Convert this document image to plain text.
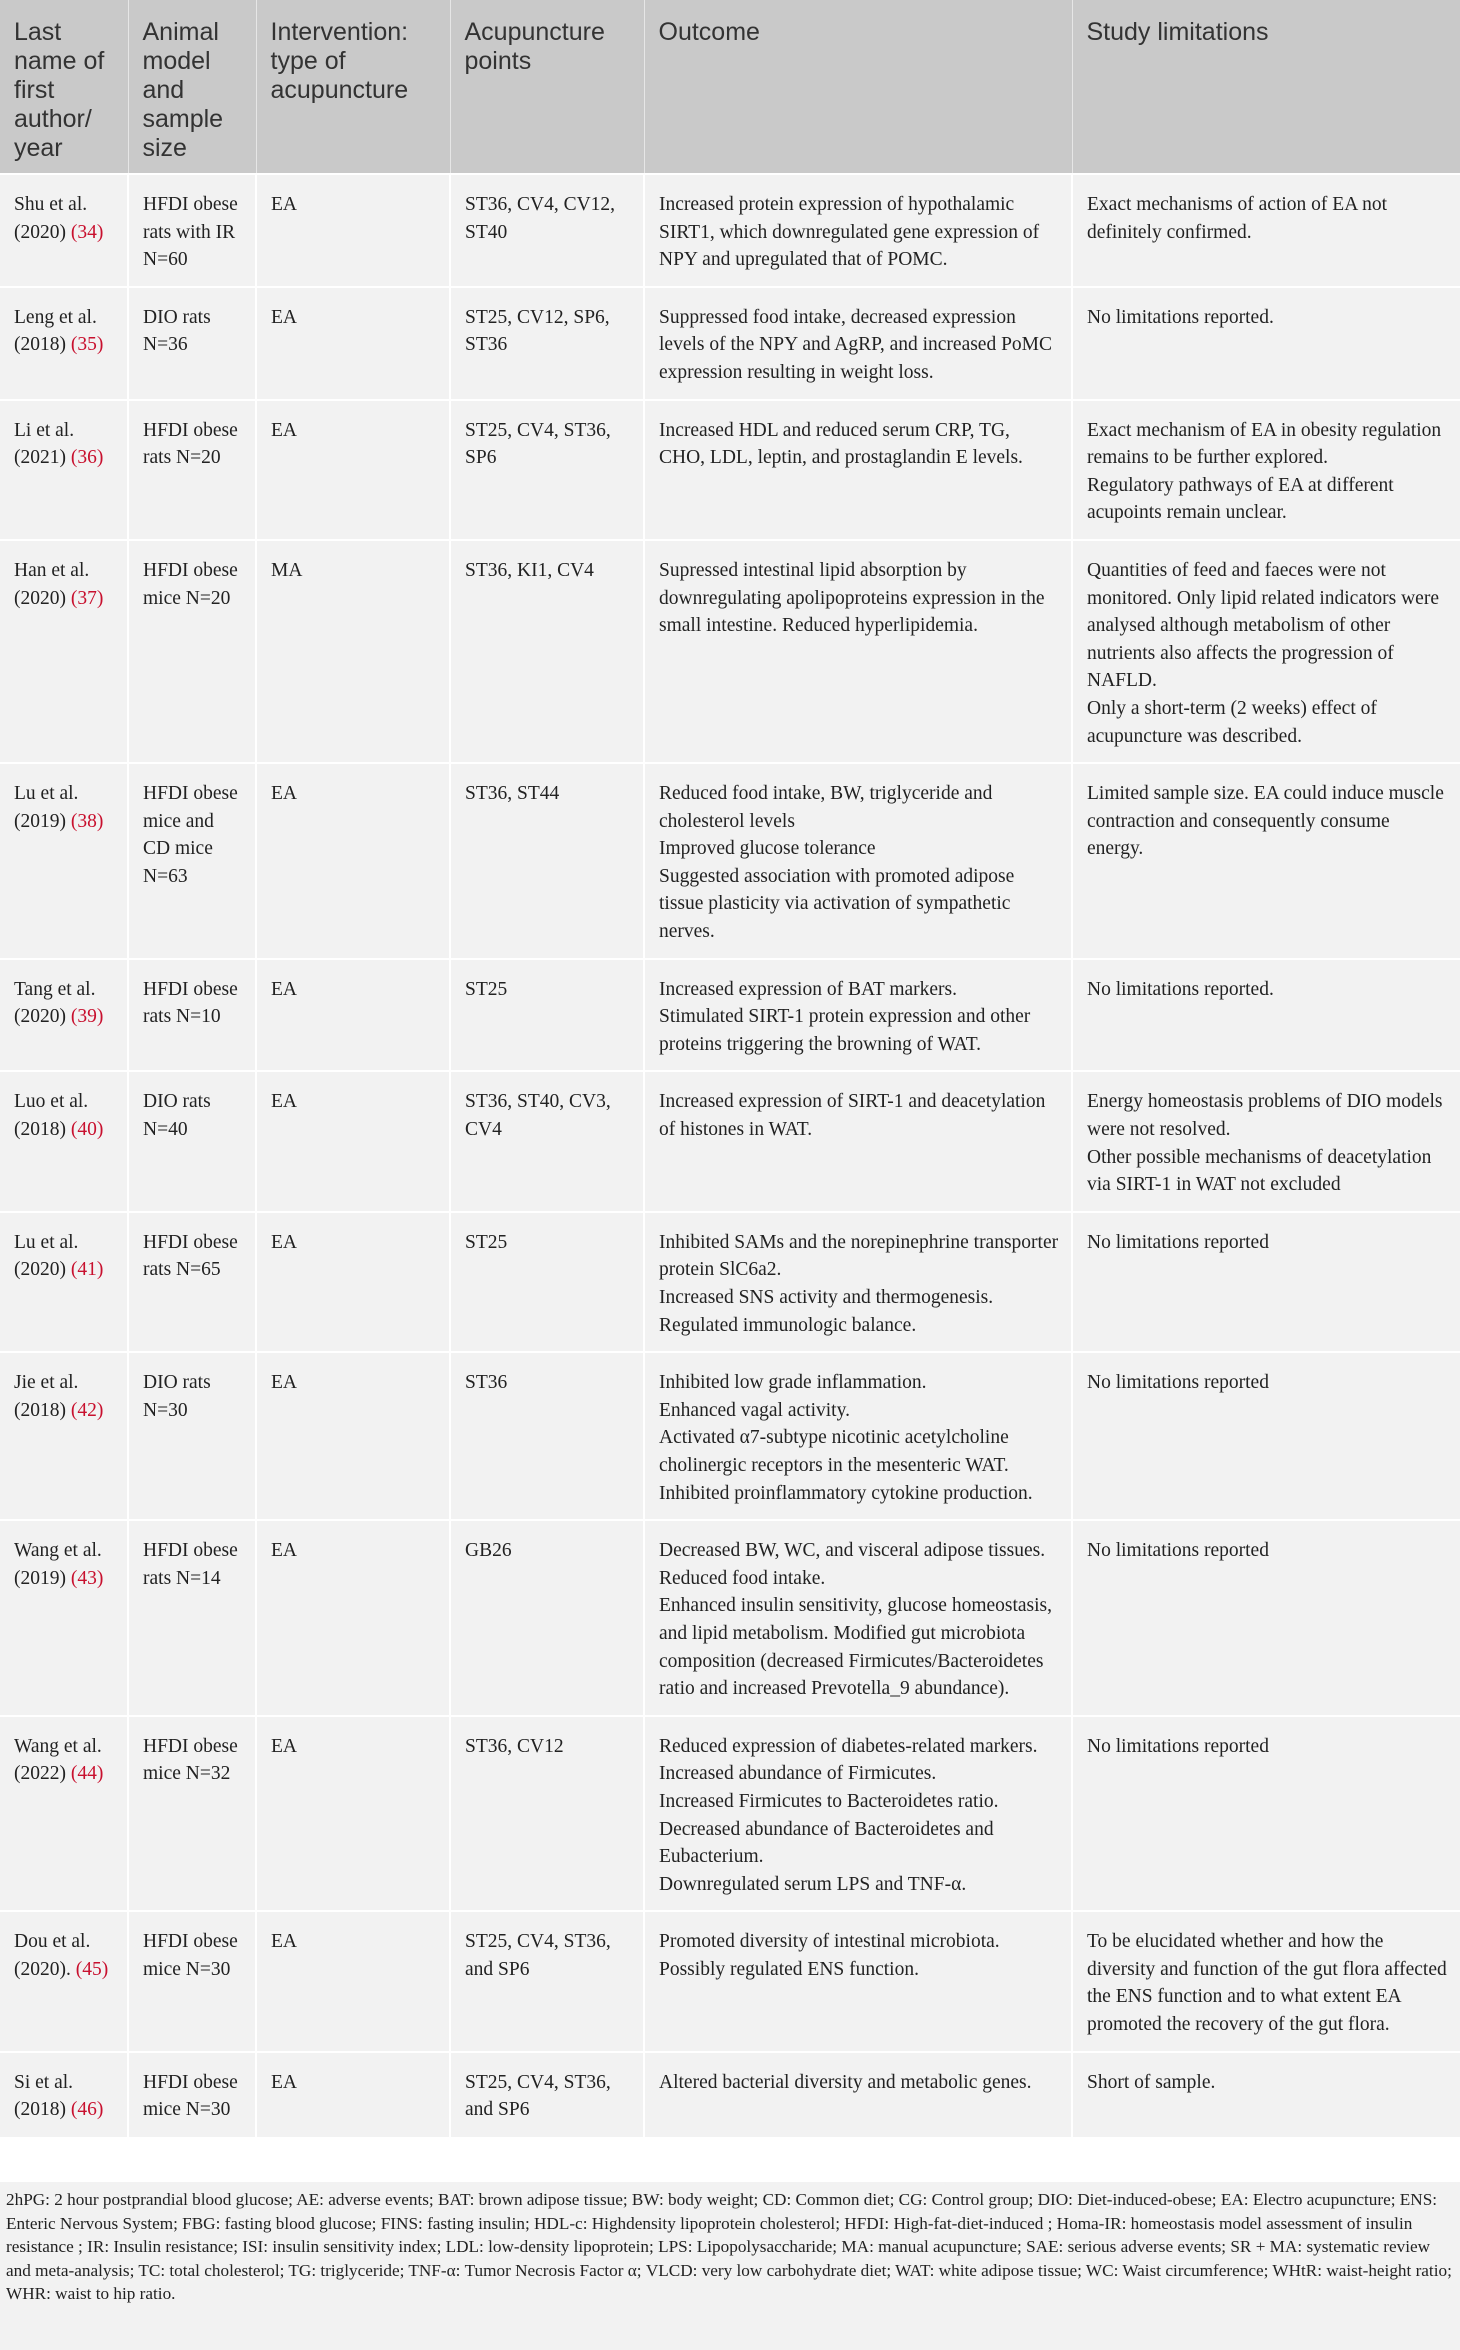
Last name of first author/ year	Animal model and sample size	Intervention: type of acupuncture	Acupuncture points	Outcome	Study limitations
Shu et al. (2020) (34)	HFDI obese rats with IR N=60	EA	ST36, CV4, CV12, ST40	Increased protein expression of hypothalamic SIRT1, which downregulated gene expression of NPY and upregulated that of POMC.	Exact mechanisms of action of EA not definitely confirmed.

Leng et al. (2018) (35)	DIO rats N=36	EA	ST25, CV12, SP6, ST36	Suppressed food intake, decreased expression levels of the NPY and AgRP, and increased PoMC expression resulting in weight loss.	No limitations reported.

Li et al. (2021) (36)	HFDI obese rats N=20	EA	ST25, CV4, ST36, SP6	Increased HDL and reduced serum CRP, TG, CHO, LDL, leptin, and prostaglandin E levels.	Exact mechanism of EA in obesity regulation remains to be further explored.
Regulatory pathways of EA at different acupoints remain unclear.

Han et al. (2020) (37)	HFDI obese mice N=20	MA	ST36, KI1, CV4	Supressed intestinal lipid absorption by downregulating apolipoproteins expression in the small intestine. Reduced hyperlipidemia.	Quantities of feed and faeces were not monitored. Only lipid related indicators were analysed although metabolism of other nutrients also affects the progression of NAFLD.
Only a short-term (2 weeks) effect of acupuncture was described.

Lu et al. (2019) (38)	HFDI obese mice and CD mice N=63	EA	ST36, ST44	Reduced food intake, BW, triglyceride and cholesterol levels
Improved glucose tolerance
Suggested association with promoted adipose tissue plasticity via activation of sympathetic nerves.	Limited sample size. EA could induce muscle contraction and consequently consume energy.

Tang et al. (2020) (39)	HFDI obese rats N=10	EA	ST25	Increased expression of BAT markers.
Stimulated SIRT-1 protein expression and other proteins triggering the browning of WAT.	No limitations reported.

Luo et al. (2018) (40)	DIO rats N=40	EA	ST36, ST40, CV3, CV4	Increased expression of SIRT-1 and deacetylation of histones in WAT.	Energy homeostasis problems of DIO models were not resolved.
Other possible mechanisms of deacetylation via SIRT-1 in WAT not excluded

Lu et al. (2020) (41)	HFDI obese rats N=65	EA	ST25	Inhibited SAMs and the norepinephrine transporter protein SlC6a2.
Increased SNS activity and thermogenesis.
Regulated immunologic balance.	No limitations reported

Jie et al. (2018) (42)	DIO rats N=30	EA	ST36	Inhibited low grade inflammation.
Enhanced vagal activity.
Activated α7-subtype nicotinic acetylcholine cholinergic receptors in the mesenteric WAT.
Inhibited proinflammatory cytokine production.	No limitations reported

Wang et al. (2019) (43)	HFDI obese rats N=14	EA	GB26	Decreased BW, WC, and visceral adipose tissues.
Reduced food intake.
Enhanced insulin sensitivity, glucose homeostasis, and lipid metabolism. Modified gut microbiota composition (decreased Firmicutes/Bacteroidetes ratio and increased Prevotella_9 abundance).	No limitations reported

Wang et al. (2022) (44)	HFDI obese mice N=32	EA	ST36, CV12	Reduced expression of diabetes-related markers.
Increased abundance of Firmicutes.
Increased Firmicutes to Bacteroidetes ratio.
Decreased abundance of Bacteroidetes and Eubacterium.
Downregulated serum LPS and TNF-α.	No limitations reported

Dou et al. (2020). (45)	HFDI obese mice N=30	EA	ST25, CV4, ST36, and SP6	Promoted diversity of intestinal microbiota.
Possibly regulated ENS function.	To be elucidated whether and how the diversity and function of the gut flora affected the ENS function and to what extent EA promoted the recovery of the gut flora.

Si et al. (2018) (46)	HFDI obese mice N=30	EA	ST25, CV4, ST36, and SP6	Altered bacterial diversity and metabolic genes.	Short of sample.
2hPG: 2 hour postprandial blood glucose; AE: adverse events; BAT: brown adipose tissue; BW: body weight; CD: Common diet; CG: Control group; DIO: Diet-induced-obese; EA: Electro acupuncture; ENS: Enteric Nervous System; FBG: fasting blood glucose; FINS: fasting insulin; HDL-c: Highdensity lipoprotein cholesterol; HFDI: High-fat-diet-induced ; Homa-IR: homeostasis model assessment of insulin resistance ; IR: Insulin resistance; ISI: insulin sensitivity index; LDL: low-density lipoprotein; LPS: Lipopolysaccharide; MA: manual acupuncture; SAE: serious adverse events; SR + MA: systematic review and meta-analysis; TC: total cholesterol; TG: triglyceride; TNF-α: Tumor Necrosis Factor α; VLCD: very low carbohydrate diet; WAT: white adipose tissue; WC: Waist circumference; WHtR: waist-height ratio; WHR: waist to hip ratio.
